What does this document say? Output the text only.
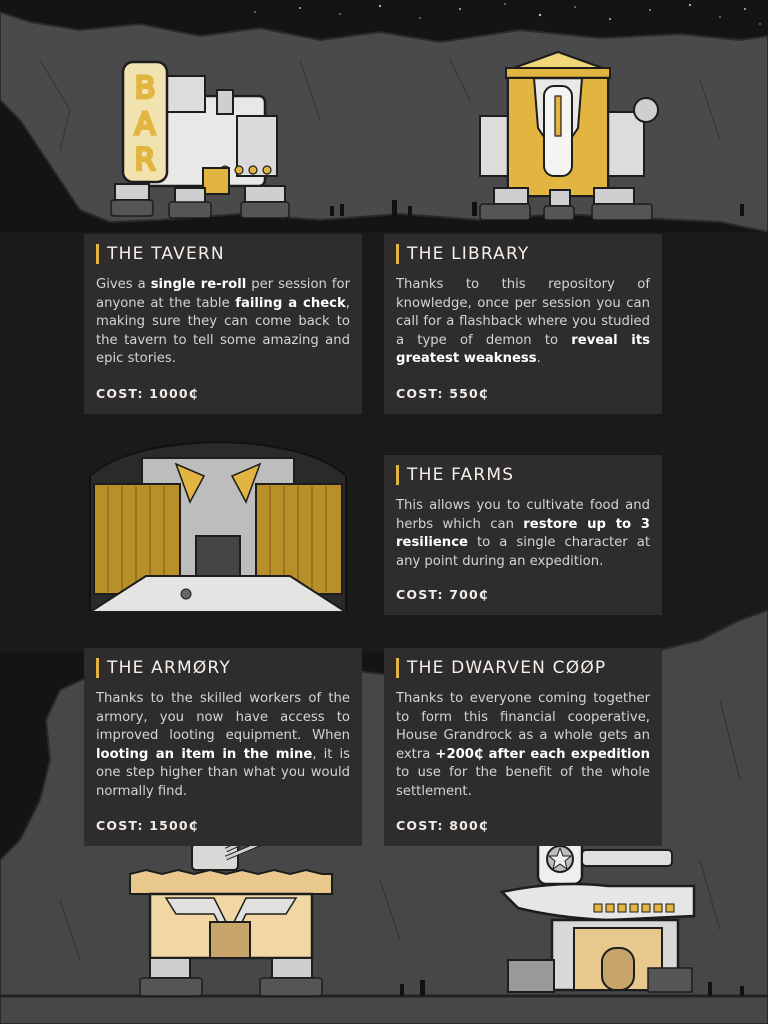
B
A
R
THE TAVERN
Gives a single re-roll per session for anyone at the table failing a check, making sure they can come back to the tavern to tell some amazing and epic stories.
COST: 1000₵
THE LIBRARY
Thanks to this repository of knowledge, once per session you can call for a flashback where you studied a type of demon to reveal its greatest weakness.
COST: 550₵
THE FARMS
This allows you to cultivate food and herbs which can restore up to 3 resilience to a single character at any point during an expedition.
COST: 700₵
THE ARMØRY
Thanks to the skilled workers of the armory, you now have access to improved looting equipment. When looting an item in the mine, it is one step higher than what you would normally find.
COST: 1500₵
THE DWARVEN CØØP
Thanks to everyone coming together to form this financial cooperative, House Grandrock as a whole gets an extra +200₵ after each expedition to use for the benefit of the whole settlement.
COST: 800₵
